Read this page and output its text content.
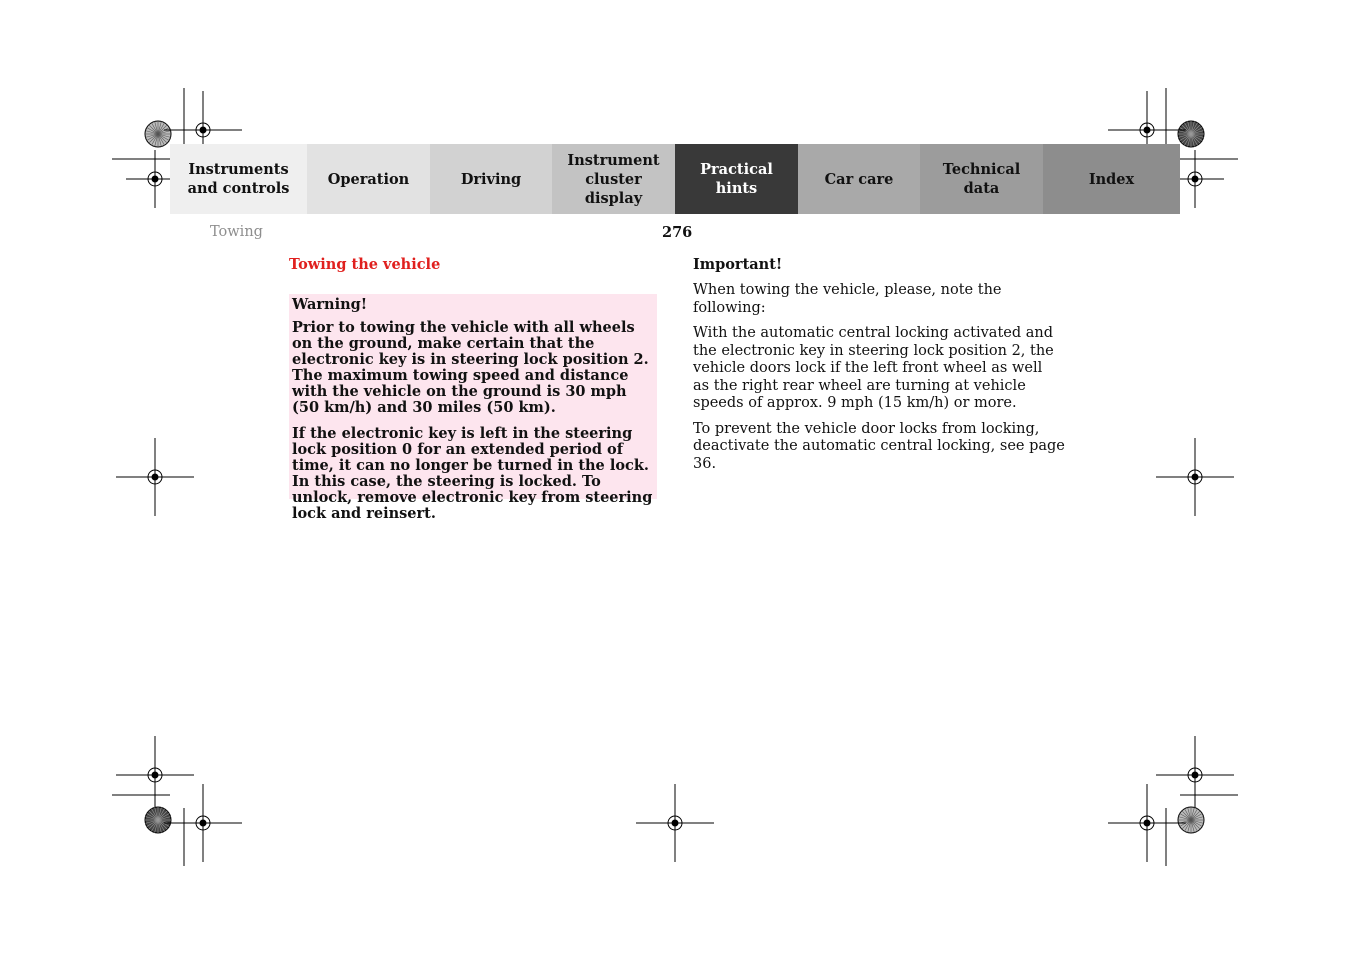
Instruments
and controls
Operation	Driving
Instrument
cluster display
Practical hints
Car care
Technical
data
Index
Towing	276
Towing the vehicle

Warning!

Prior to towing the vehicle with all wheels on the ground, make certain that the electronic key is in steering lock position 2. The maximum towing speed and distance with the vehicle on the ground is 30 mph (50 km/h) and 30 miles (50 km).

If the electronic key is left in the steering lock position 0 for an extended period of time, it can no longer be turned in the lock. In this case, the steering is locked. To unlock, remove electronic key from steering lock and reinsert.

Important!

When towing the vehicle, please, note the following:

With the automatic central locking activated and the electronic key in steering lock position 2, the vehicle doors lock if the left front wheel as well as the right rear wheel are turning at vehicle speeds of approx. 9 mph (15 km/h) or more.

To prevent the vehicle door locks from locking, deactivate the automatic central locking, see page 36.
